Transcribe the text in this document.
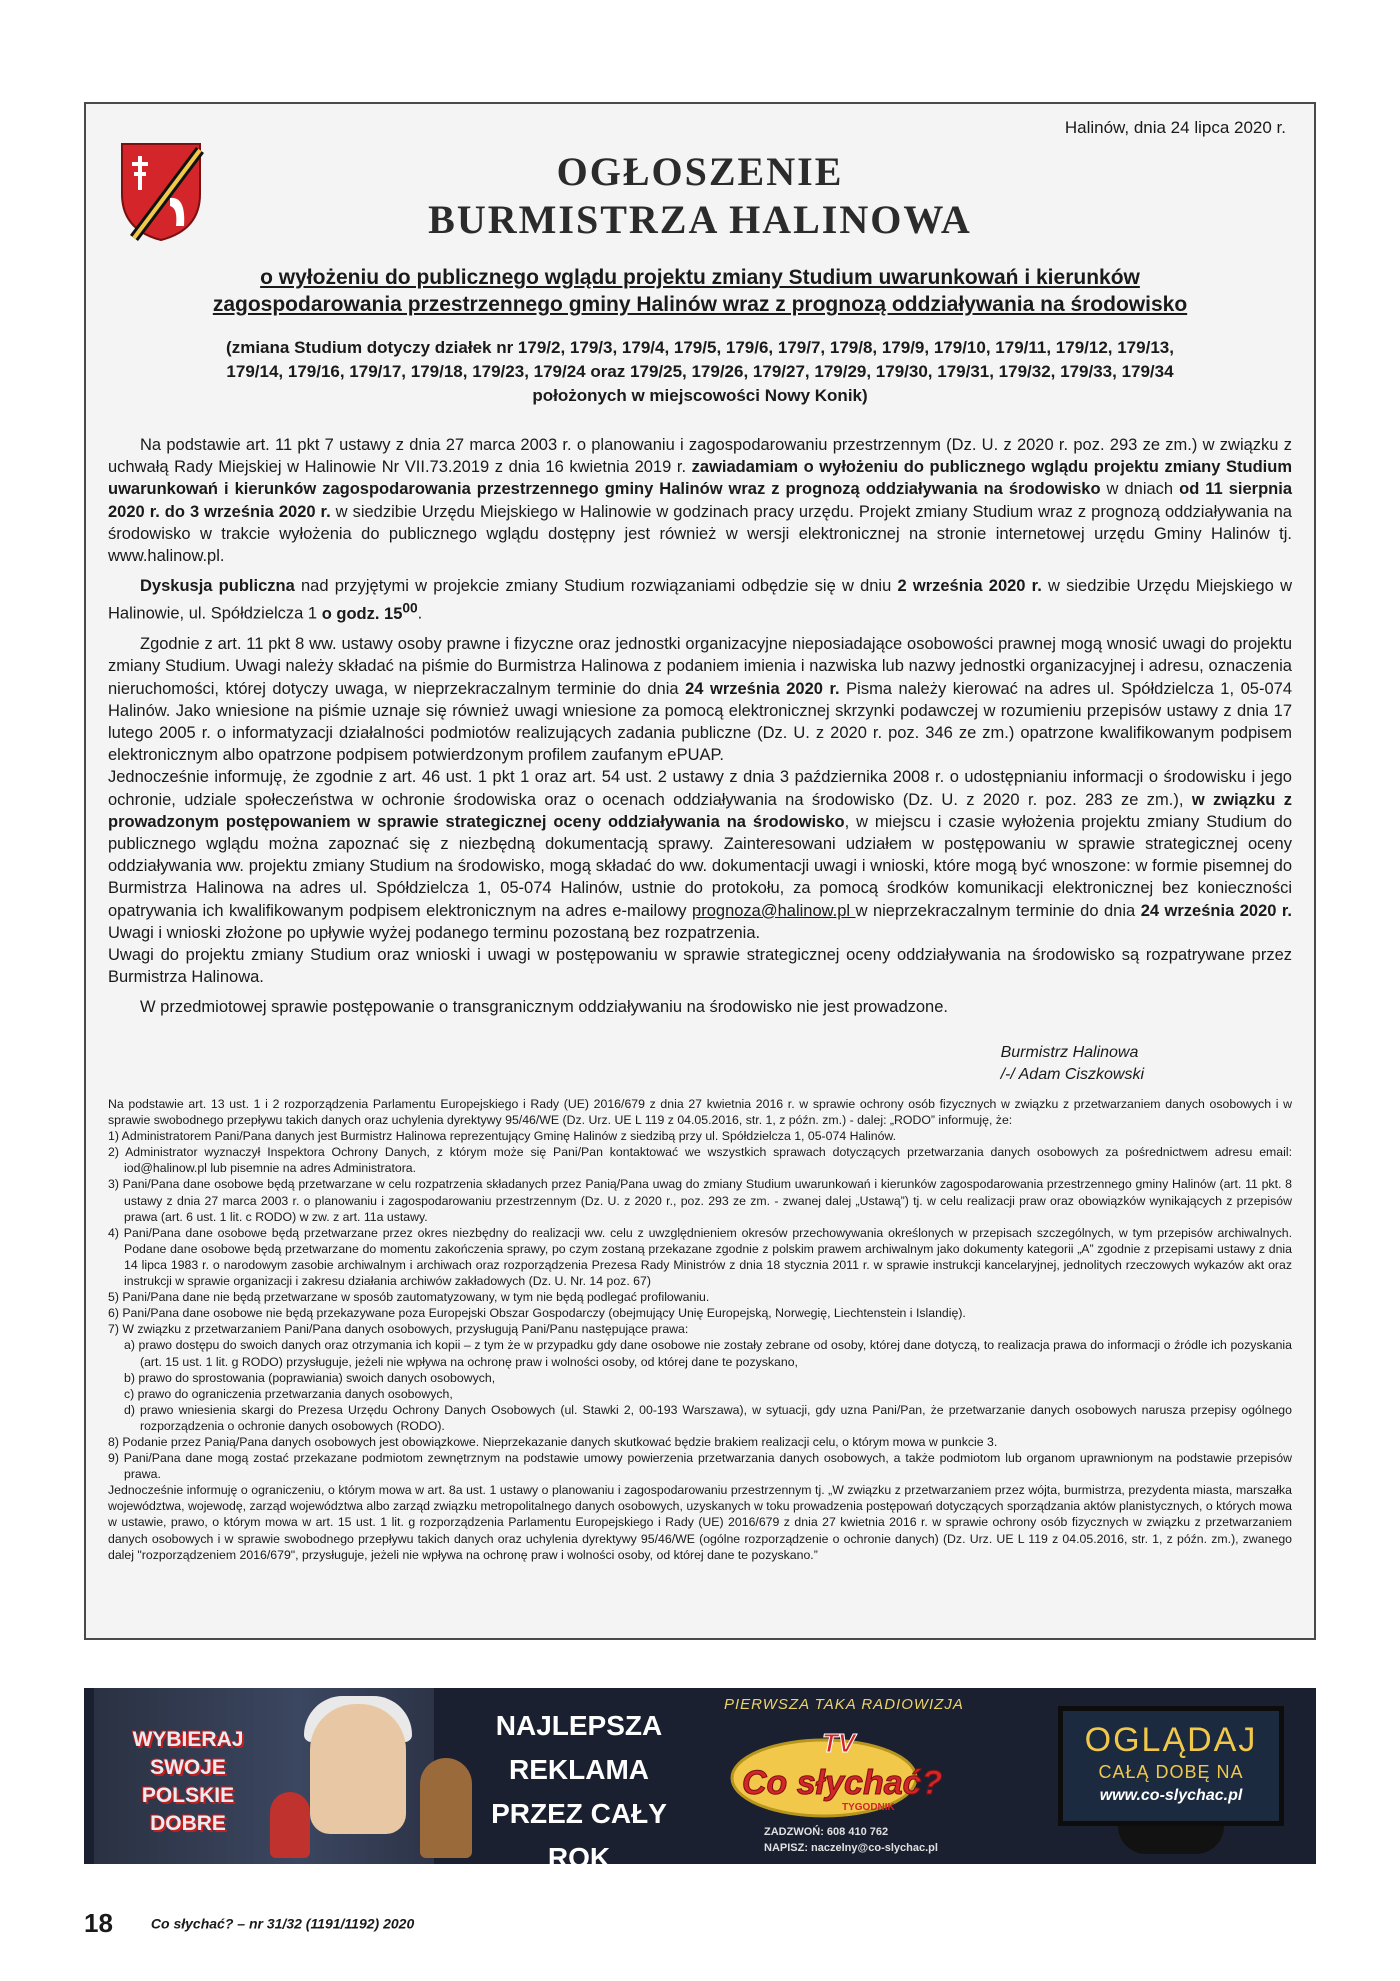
Halinów, dnia 24 lipca 2020 r.
OGŁOSZENIE
BURMISTRZA HALINOWA
o wyłożeniu do publicznego wglądu projektu zmiany Studium uwarunkowań i kierunków
zagospodarowania przestrzennego gminy Halinów wraz z prognozą oddziaływania na środowisko
(zmiana Studium dotyczy działek nr 179/2, 179/3, 179/4, 179/5, 179/6, 179/7, 179/8, 179/9, 179/10, 179/11, 179/12, 179/13,
179/14, 179/16, 179/17, 179/18, 179/23, 179/24 oraz 179/25, 179/26, 179/27, 179/29, 179/30, 179/31, 179/32, 179/33, 179/34
położonych w miejscowości Nowy Konik)

Na podstawie art. 11 pkt 7 ustawy z dnia 27 marca 2003 r. o planowaniu i zagospodarowaniu przestrzennym (Dz. U. z 2020 r. poz. 293 ze zm.) w związku z uchwałą Rady Miejskiej w Halinowie Nr VII.73.2019 z dnia 16 kwietnia 2019 r. zawiadamiam o wyłożeniu do publicznego wglądu projektu zmiany Studium uwarunkowań i kierunków zagospodarowania przestrzennego gminy Halinów wraz z prognozą oddziaływania na środowisko w dniach od 11 sierpnia 2020 r. do 3 września 2020 r. w siedzibie Urzędu Miejskiego w Halinowie w godzinach pracy urzędu. Projekt zmiany Studium wraz z prognozą oddziaływania na środowisko w trakcie wyłożenia do publicznego wglądu dostępny jest również w wersji elektronicznej na stronie internetowej urzędu Gminy Halinów tj. www.halinow.pl.

Dyskusja publiczna nad przyjętymi w projekcie zmiany Studium rozwiązaniami odbędzie się w dniu 2 września 2020 r. w siedzibie Urzędu Miejskiego w Halinowie, ul. Spółdzielcza 1 o godz. $15^{00}$.

Zgodnie z art. 11 pkt 8 ww. ustawy osoby prawne i fizyczne oraz jednostki organizacyjne nieposiadające osobowości prawnej mogą wnosić uwagi do projektu zmiany Studium. Uwagi należy składać na piśmie do Burmistrza Halinowa z podaniem imienia i nazwiska lub nazwy jednostki organizacyjnej i adresu, oznaczenia nieruchomości, której dotyczy uwaga, w nieprzekraczalnym terminie do dnia 24 września 2020 r. Pisma należy kierować na adres ul. Spółdzielcza 1, 05-074 Halinów. Jako wniesione na piśmie uznaje się również uwagi wniesione za pomocą elektronicznej skrzynki podawczej w rozumieniu przepisów ustawy z dnia 17 lutego 2005 r. o informatyzacji działalności podmiotów realizujących zadania publiczne (Dz. U. z 2020 r. poz. 346 ze zm.) opatrzone kwalifikowanym podpisem elektronicznym albo opatrzone podpisem potwierdzonym profilem zaufanym ePUAP.

Jednocześnie informuję, że zgodnie z art. 46 ust. 1 pkt 1 oraz art. 54 ust. 2 ustawy z dnia 3 października 2008 r. o udostępnianiu informacji o środowisku i jego ochronie, udziale społeczeństwa w ochronie środowiska oraz o ocenach oddziaływania na środowisko (Dz. U. z 2020 r. poz. 283 ze zm.), w związku z prowadzonym postępowaniem w sprawie strategicznej oceny oddziaływania na środowisko, w miejscu i czasie wyłożenia projektu zmiany Studium do publicznego wglądu można zapoznać się z niezbędną dokumentacją sprawy. Zainteresowani udziałem w postępowaniu w sprawie strategicznej oceny oddziaływania ww. projektu zmiany Studium na środowisko, mogą składać do ww. dokumentacji uwagi i wnioski, które mogą być wnoszone: w formie pisemnej do Burmistrza Halinowa na adres ul. Spółdzielcza 1, 05-074 Halinów, ustnie do protokołu, za pomocą środków komunikacji elektronicznej bez konieczności opatrywania ich kwalifikowanym podpisem elektronicznym na adres e-mailowy prognoza@halinow.pl w nieprzekraczalnym terminie do dnia 24 września 2020 r. Uwagi i wnioski złożone po upływie wyżej podanego terminu pozostaną bez rozpatrzenia.

Uwagi do projektu zmiany Studium oraz wnioski i uwagi w postępowaniu w sprawie strategicznej oceny oddziaływania na środowisko są rozpatrywane przez Burmistrza Halinowa.

W przedmiotowej sprawie postępowanie o transgranicznym oddziaływaniu na środowisko nie jest prowadzone.

Burmistrz Halinowa
/-/ Adam Ciszkowski

Na podstawie art. 13 ust. 1 i 2 rozporządzenia Parlamentu Europejskiego i Rady (UE) 2016/679 z dnia 27 kwietnia 2016 r. w sprawie ochrony osób fizycznych w związku z przetwarzaniem danych osobowych i w sprawie swobodnego przepływu takich danych oraz uchylenia dyrektywy 95/46/WE (Dz. Urz. UE L 119 z 04.05.2016, str. 1, z późn. zm.) - dalej: „RODO” informuję, że:

1) Administratorem Pani/Pana danych jest Burmistrz Halinowa reprezentujący Gminę Halinów z siedzibą przy ul. Spółdzielcza 1, 05-074 Halinów.

2) Administrator wyznaczył Inspektora Ochrony Danych, z którym może się Pani/Pan kontaktować we wszystkich sprawach dotyczących przetwarzania danych osobowych za pośrednictwem adresu email: iod@halinow.pl lub pisemnie na adres Administratora.

3) Pani/Pana dane osobowe będą przetwarzane w celu rozpatrzenia składanych przez Panią/Pana uwag do zmiany Studium uwarunkowań i kierunków zagospodarowania przestrzennego gminy Halinów (art. 11 pkt. 8 ustawy z dnia 27 marca 2003 r. o planowaniu i zagospodarowaniu przestrzennym (Dz. U. z 2020 r., poz. 293 ze zm. - zwanej dalej „Ustawą”) tj. w celu realizacji praw oraz obowiązków wynikających z przepisów prawa (art. 6 ust. 1 lit. c RODO) w zw. z art. 11a ustawy.

4) Pani/Pana dane osobowe będą przetwarzane przez okres niezbędny do realizacji ww. celu z uwzględnieniem okresów przechowywania określonych w przepisach szczególnych, w tym przepisów archiwalnych. Podane dane osobowe będą przetwarzane do momentu zakończenia sprawy, po czym zostaną przekazane zgodnie z polskim prawem archiwalnym jako dokumenty kategorii „A” zgodnie z przepisami ustawy z dnia 14 lipca 1983 r. o narodowym zasobie archiwalnym i archiwach oraz rozporządzenia Prezesa Rady Ministrów z dnia 18 stycznia 2011 r. w sprawie instrukcji kancelaryjnej, jednolitych rzeczowych wykazów akt oraz instrukcji w sprawie organizacji i zakresu działania archiwów zakładowych (Dz. U. Nr. 14 poz. 67)

5) Pani/Pana dane nie będą przetwarzane w sposób zautomatyzowany, w tym nie będą podlegać profilowaniu.

6) Pani/Pana dane osobowe nie będą przekazywane poza Europejski Obszar Gospodarczy (obejmujący Unię Europejską, Norwegię, Liechtenstein i Islandię).

7) W związku z przetwarzaniem Pani/Pana danych osobowych, przysługują Pani/Panu następujące prawa:

a) prawo dostępu do swoich danych oraz otrzymania ich kopii – z tym że w przypadku gdy dane osobowe nie zostały zebrane od osoby, której dane dotyczą, to realizacja prawa do informacji o źródle ich pozyskania (art. 15 ust. 1 lit. g RODO) przysługuje, jeżeli nie wpływa na ochronę praw i wolności osoby, od której dane te pozyskano,

b) prawo do sprostowania (poprawiania) swoich danych osobowych,

c) prawo do ograniczenia przetwarzania danych osobowych,

d) prawo wniesienia skargi do Prezesa Urzędu Ochrony Danych Osobowych (ul. Stawki 2, 00-193 Warszawa), w sytuacji, gdy uzna Pani/Pan, że przetwarzanie danych osobowych narusza przepisy ogólnego rozporządzenia o ochronie danych osobowych (RODO).

8) Podanie przez Panią/Pana danych osobowych jest obowiązkowe. Nieprzekazanie danych skutkować będzie brakiem realizacji celu, o którym mowa w punkcie 3.

9) Pani/Pana dane mogą zostać przekazane podmiotom zewnętrznym na podstawie umowy powierzenia przetwarzania danych osobowych, a także podmiotom lub organom uprawnionym na podstawie przepisów prawa.

Jednocześnie informuję o ograniczeniu, o którym mowa w art. 8a ust. 1 ustawy o planowaniu i zagospodarowaniu przestrzennym tj. „W związku z przetwarzaniem przez wójta, burmistrza, prezydenta miasta, marszałka województwa, wojewodę, zarząd województwa albo zarząd związku metropolitalnego danych osobowych, uzyskanych w toku prowadzenia postępowań dotyczących sporządzania aktów planistycznych, o których mowa w ustawie, prawo, o którym mowa w art. 15 ust. 1 lit. g rozporządzenia Parlamentu Europejskiego i Rady (UE) 2016/679 z dnia 27 kwietnia 2016 r. w sprawie ochrony osób fizycznych w związku z przetwarzaniem danych osobowych i w sprawie swobodnego przepływu takich danych oraz uchylenia dyrektywy 95/46/WE (ogólne rozporządzenie o ochronie danych) (Dz. Urz. UE L 119 z 04.05.2016, str. 1, z późn. zm.), zwanego dalej "rozporządzeniem 2016/679", przysługuje, jeżeli nie wpływa na ochronę praw i wolności osoby, od której dane te pozyskano.”

WYBIERAJ
SWOJE
POLSKIE
DOBRE
NAJLEPSZA REKLAMA
PRZEZ CAŁY ROK
25 ROK
>1150 WYDAŃ
PIERWSZA TAKA RADIOWIZJA
TV
Co słychać?
TYGODNIK
ZADZWOŃ: 608 410 762
NAPISZ: naczelny@co-slychac.pl
OGLĄDAJ
CAŁĄ DOBĘ NA
www.co-slychac.pl
18	Co słychać? – nr 31/32 (1191/1192) 2020
